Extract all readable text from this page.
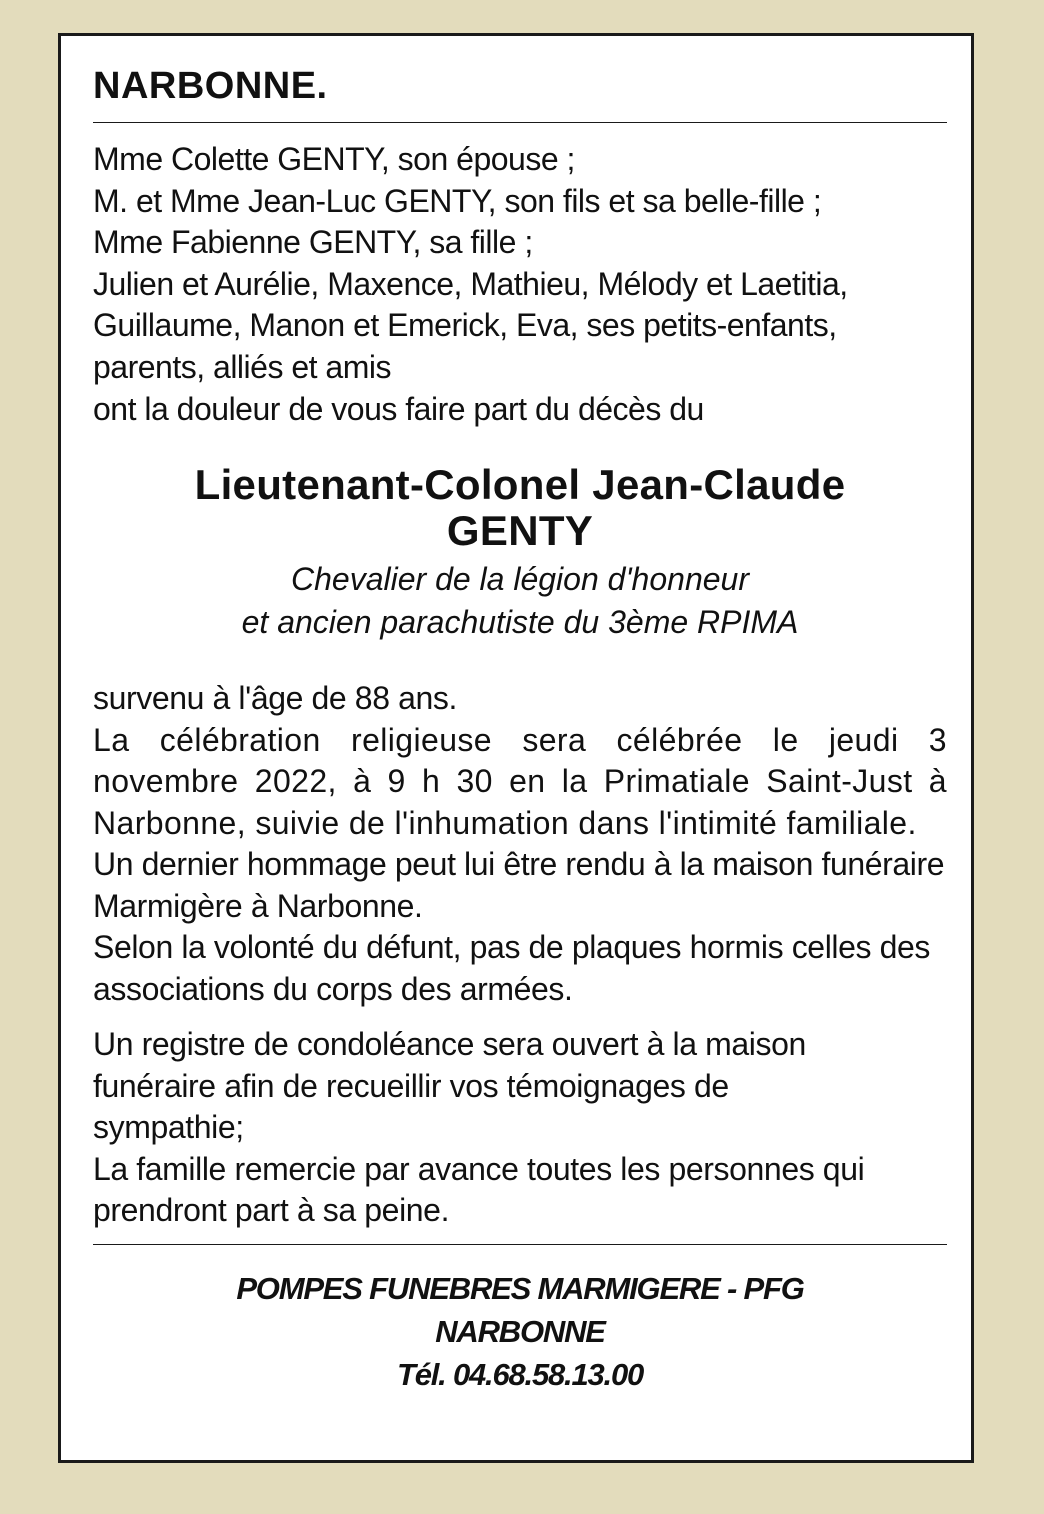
NARBONNE.
Mme Colette GENTY, son épouse ;
M. et Mme Jean-Luc GENTY, son fils et sa belle-fille ;
Mme Fabienne GENTY, sa fille ;
Julien et Aurélie, Maxence, Mathieu, Mélody et Laetitia,
Guillaume, Manon et Emerick, Eva, ses petits-enfants,
parents, alliés et amis
ont la douleur de vous faire part du décès du
Lieutenant-Colonel Jean-Claude
GENTY
Chevalier de la légion d'honneur
et ancien parachutiste du 3ème RPIMA

survenu à l'âge de 88 ans.

La célébration religieuse sera célébrée le jeudi 3 novembre 2022, à 9 h 30 en la Primatiale Saint-Just à Narbonne, suivie de l'inhumation dans l'intimité familiale.

Un dernier hommage peut lui être rendu à la maison funéraire Marmigère à Narbonne.

Selon la volonté du défunt, pas de plaques hormis celles des associations du corps des armées.

Un registre de condoléance sera ouvert à la maison funéraire afin de recueillir vos témoignages de sympathie;

La famille remercie par avance toutes les personnes qui prendront part à sa peine.

POMPES FUNEBRES MARMIGERE - PFG
NARBONNE
Tél. 04.68.58.13.00
